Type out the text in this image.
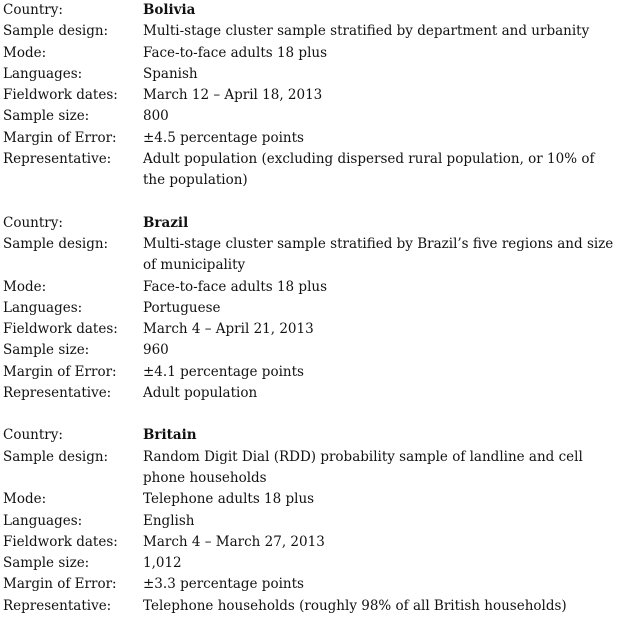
Country:	Bolivia
Sample design:	Multi-stage cluster sample stratified by department and urbanity
Mode:	Face-to-face adults 18 plus
Languages:	Spanish
Fieldwork dates:	March 12 – April 18, 2013
Sample size:	800
Margin of Error:	±4.5 percentage points
Representative:	Adult population (excluding dispersed rural population, or 10% of the population)
Country:	Brazil
Sample design:	Multi-stage cluster sample stratified by Brazil’s five regions and size of municipality
Mode:	Face-to-face adults 18 plus
Languages:	Portuguese
Fieldwork dates:	March 4 – April 21, 2013
Sample size:	960
Margin of Error:	±4.1 percentage points
Representative:	Adult population
Country:	Britain
Sample design:	Random Digit Dial (RDD) probability sample of landline and cell phone households
Mode:	Telephone adults 18 plus
Languages:	English
Fieldwork dates:	March 4 – March 27, 2013
Sample size:	1,012
Margin of Error:	±3.3 percentage points
Representative:	Telephone households (roughly 98% of all British households)
